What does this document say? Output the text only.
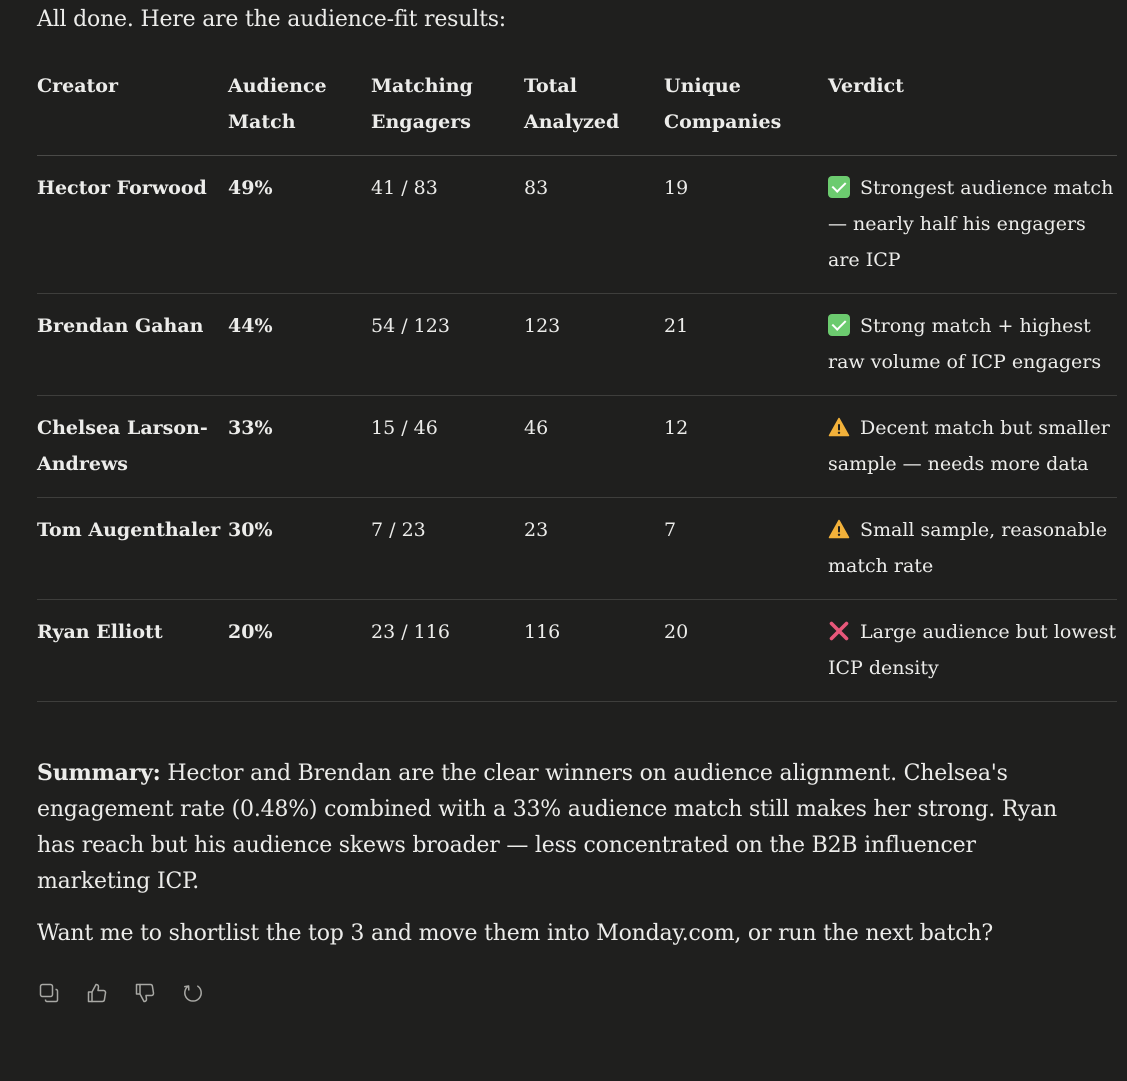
All done. Here are the audience-fit results:

Creator	Audience Match	Matching Engagers	Total Analyzed	Unique Companies	Verdict
Hector Forwood	49%	41 / 83	83	19	Strongest audience match — nearly half his engagers are ICP
Brendan Gahan	44%	54 / 123	123	21	Strong match + highest raw volume of ICP engagers
Chelsea Larson-Andrews	33%	15 / 46	46	12	Decent match but smaller sample — needs more data
Tom Augenthaler	30%	7 / 23	23	7	Small sample, reasonable match rate
Ryan Elliott	20%	23 / 116	116	20	Large audience but lowest ICP density

Summary: Hector and Brendan are the clear winners on audience alignment. Chelsea's engagement rate (0.48%) combined with a 33% audience match still makes her strong. Ryan has reach but his audience skews broader — less concentrated on the B2B influencer marketing ICP.

Want me to shortlist the top 3 and move them into Monday.com, or run the next batch?
